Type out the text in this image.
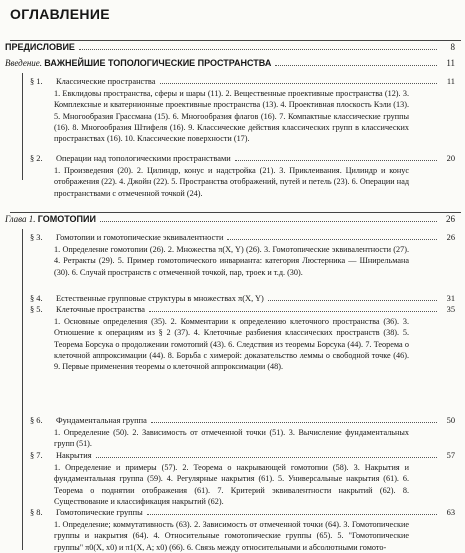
ОГЛАВЛЕНИЕ
ПРЕДИСЛОВИЕ	8
Введение. ВАЖНЕЙШИЕ ТОПОЛОГИЧЕСКИЕ ПРОСТРАНСТВА	11
§ 1.	Классические пространства	11
1. Евклидовы пространства, сферы и шары (11). 2. Вещественные проективные пространства (12). 3. Комплексные и кватернионные проективные пространства (13). 4. Проективная плоскость Кэли (13). 5. Многообразия Грассмана (15). 6. Многообразия флагов (16). 7. Компактные классические группы (16). 8. Многообразия Штифеля (16). 9. Классические действия классических групп в классических пространствах (16). 10. Классические поверхности (17).
§ 2.	Операции над топологическими пространствами	20
1. Произведения (20). 2. Цилиндр, конус и надстройка (21). 3. Приклеивания. Цилиндр и конус отображения (22). 4. Джойн (22). 5. Пространства отображений, путей и петель (23). 6. Операции над пространствами с отмеченной точкой (24).
Глава 1. ГОМОТОПИИ	26
§ 3.	Гомотопии и гомотопические эквивалентности	26
1. Определение гомотопии (26). 2. Множества π(X, Y) (26). 3. Гомотопические эквивалентности (27). 4. Ретракты (29). 5. Пример гомотопического инварианта: категория Люстерника — Шнирельмана (30). 6. Случай пространств с отмеченной точкой, пар, троек и т.д. (30).
§ 4.	Естественные групповые структуры в множествах π(X, Y)	31
§ 5.	Клеточные пространства	35
1. Основные определения (35). 2. Комментарии к определению клеточного пространства (36). 3. Отношение к операциям из § 2 (37). 4. Клеточные разбиения классических пространств (38). 5. Теорема Борсука о продолжении гомотопий (43). 6. Следствия из теоремы Борсука (44). 7. Теорема о клеточной аппроксимации (44). 8. Борьба с химерой: доказательство леммы о свободной точке (46). 9. Первые применения теоремы о клеточной аппроксимации (48).
§ 6.	Фундаментальная группа	50
1. Определение (50). 2. Зависимость от отмеченной точки (51). 3. Вычисление фундаментальных групп (51).
§ 7.	Накрытия	57
1. Определение и примеры (57). 2. Теорема о накрывающей гомотопии (58). 3. Накрытия и фундаментальная группа (59). 4. Регулярные накрытия (61). 5. Универсальные накрытия (61). 6. Теорема о поднятии отображения (61). 7. Критерий эквивалентности накрытий (62). 8. Существование и классификация накрытий (62).
§ 8.	Гомотопические группы	63
1. Определение; коммутативность (63). 2. Зависимость от отмеченной точки (64). 3. Гомотопические группы и накрытия (64). 4. Относительные гомотопические группы (65). 5. "Гомотопические группы" π0(X, x0) и π1(X, A; x0) (66). 6. Связь между относительными и абсолютными гомото-
